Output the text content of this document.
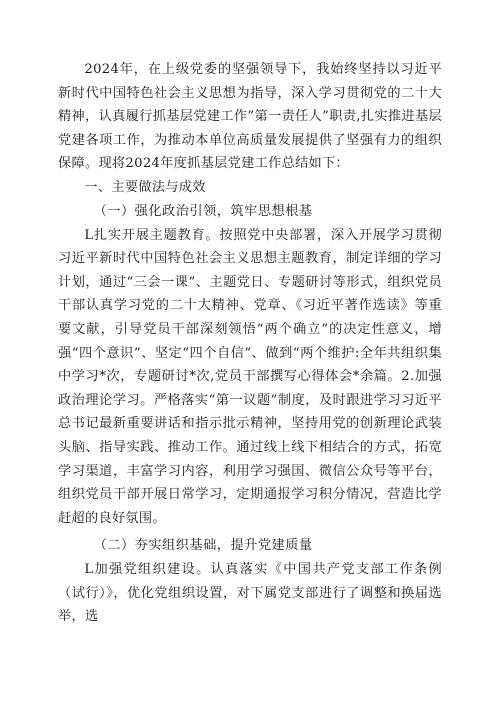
2024年，在上级党委的坚强领导下，我始终坚持以习近平新时代中国特色社会主义思想为指导，深入学习贯彻党的二十大精神，认真履行抓基层党建工作”第一责任人”职责,扎实推进基层党建各项工作，为推动本单位高质量发展提供了坚强有力的组织保障。现将2024年度抓基层党建工作总结如下：

一、主要做法与成效

（一）强化政治引领，筑牢思想根基

L扎实开展主题教育。按照党中央部署，深入开展学习贯彻习近平新时代中国特色社会主义思想主题教育，制定详细的学习计划，通过“三会一课”、主题党日、专题研讨等形式，组织党员干部认真学习党的二十大精神、党章、《习近平著作选读》等重要文献，引导党员干部深刻领悟“两个确立”的决定性意义，增强“四个意识”、坚定“四个自信”、做到“两个维护:全年共组织集中学习*次，专题研讨*次,党员干部撰写心得体会*余篇。2.加强政治理论学习。严格落实“第一议题”制度，及时跟进学习习近平总书记最新重要讲话和指示批示精神，坚持用党的创新理论武装头脑、指导实践、推动工作。通过线上线下相结合的方式，拓宽学习渠道，丰富学习内容，利用学习强国、微信公众号等平台，组织党员干部开展日常学习，定期通报学习积分情况，营造比学赶超的良好氛围。

（二）夯实组织基础，提升党建质量

L加强党组织建设。认真落实《中国共产党支部工作条例（试行）》，优化党组织设置，对下属党支部进行了调整和换届选举，选
